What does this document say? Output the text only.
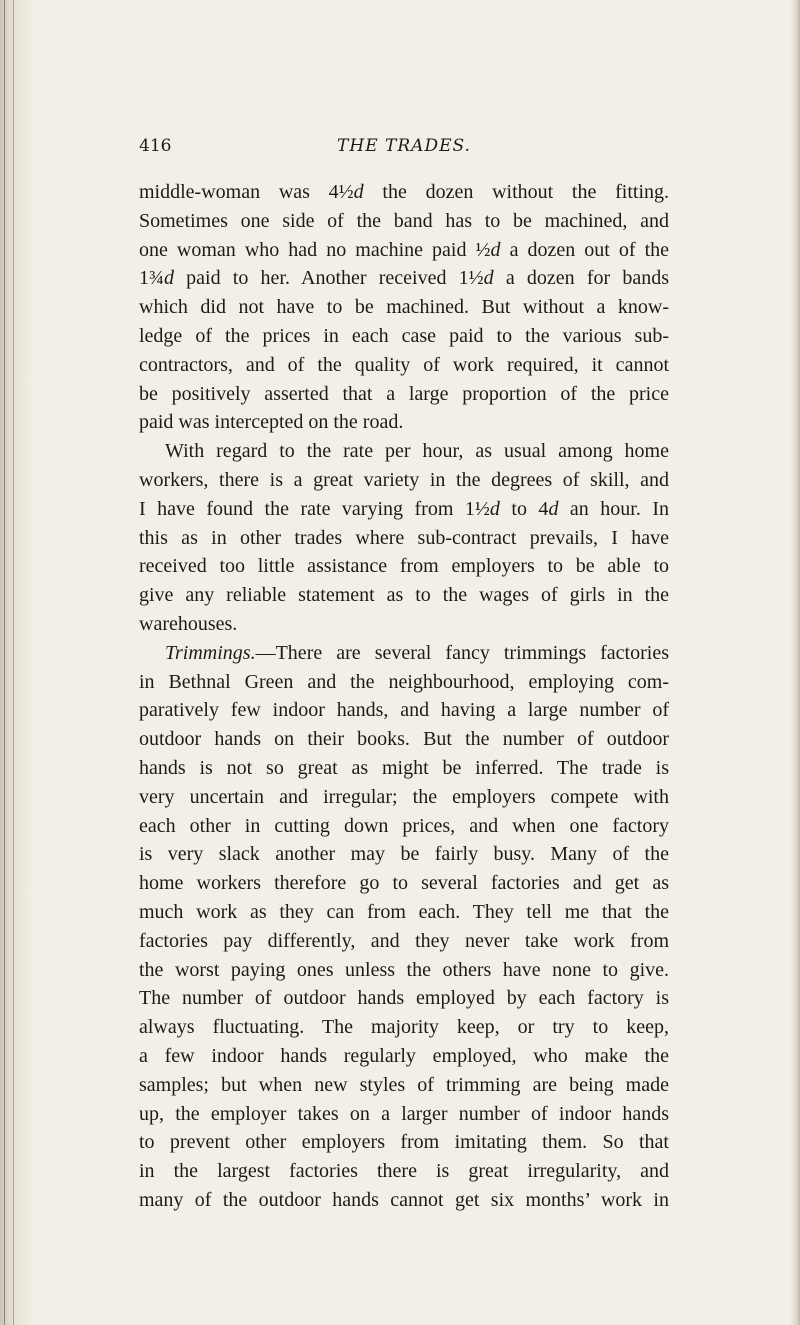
416	THE TRADES.
middle-woman was 4½d the dozen without the fitting.
Sometimes one side of the band has to be machined, and
one woman who had no machine paid ½d a dozen out of the
1¾d paid to her. Another received 1½d a dozen for bands
which did not have to be machined. But without a know-
ledge of the prices in each case paid to the various sub-
contractors, and of the quality of work required, it cannot
be positively asserted that a large proportion of the price
paid was intercepted on the road.
With regard to the rate per hour, as usual among home
workers, there is a great variety in the degrees of skill, and
I have found the rate varying from 1½d to 4d an hour. In
this as in other trades where sub-contract prevails, I have
received too little assistance from employers to be able to
give any reliable statement as to the wages of girls in the
warehouses.
Trimmings.—There are several fancy trimmings factories
in Bethnal Green and the neighbourhood, employing com-
paratively few indoor hands, and having a large number of
outdoor hands on their books. But the number of outdoor
hands is not so great as might be inferred. The trade is
very uncertain and irregular; the employers compete with
each other in cutting down prices, and when one factory
is very slack another may be fairly busy. Many of the
home workers therefore go to several factories and get as
much work as they can from each. They tell me that the
factories pay differently, and they never take work from
the worst paying ones unless the others have none to give.
The number of outdoor hands employed by each factory is
always fluctuating. The majority keep, or try to keep,
a few indoor hands regularly employed, who make the
samples; but when new styles of trimming are being made
up, the employer takes on a larger number of indoor hands
to prevent other employers from imitating them. So that
in the largest factories there is great irregularity, and
many of the outdoor hands cannot get six months’ work in
